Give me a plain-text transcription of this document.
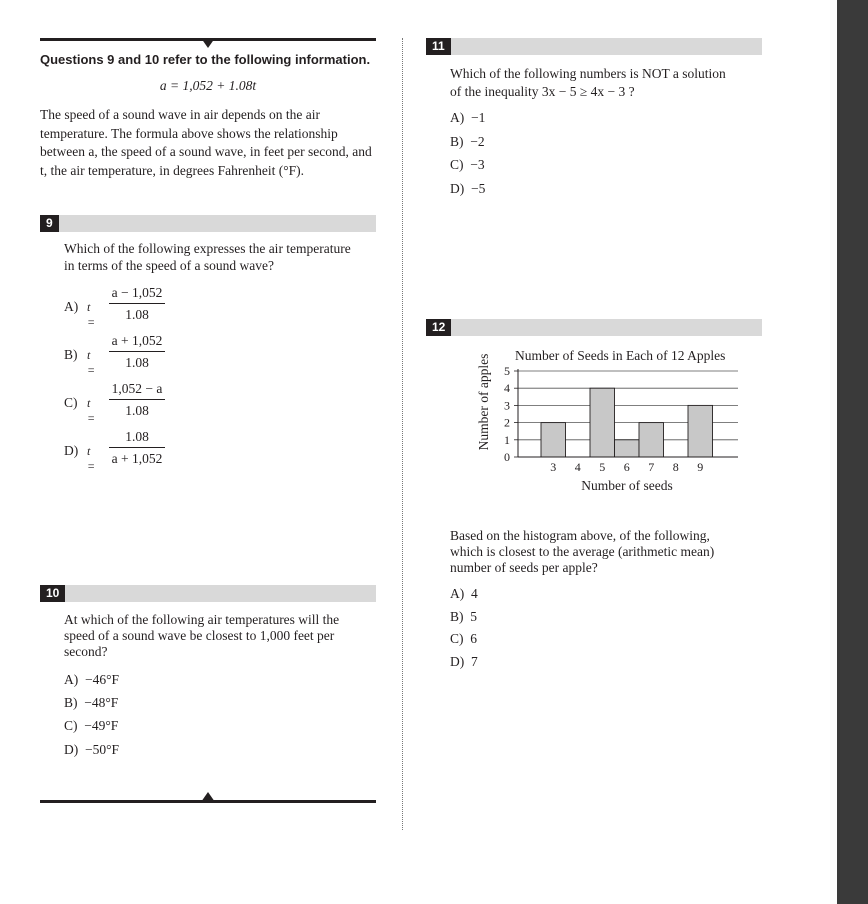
Questions 9 and 10 refer to the following information.
a = 1,052 + 1.08t
The speed of a sound wave in air depends on the air temperature. The formula above shows the relationship between a, the speed of a sound wave, in feet per second, and t, the air temperature, in degrees Fahrenheit (°F).
9
Which of the following expresses the air temperature
in terms of the speed of a sound wave?
A) t =
a − 1,052
1.08
B) t =
a + 1,052
1.08
C) t =
1,052 − a
1.08
D) t =
1.08
a + 1,052
10
At which of the following air temperatures will the
speed of a sound wave be closest to 1,000 feet per
second?
A) −46°F
B) −48°F
C) −49°F
D) −50°F
11
Which of the following numbers is NOT a solution
of the inequality 3x − 5 ≥ 4x − 3 ?
A) −1
B) −2
C) −3
D) −5
12
Number of Seeds in Each of 12 Apples
0
1
2
3
4
5
3 4 5 6 7 8 9
Number of seeds
Number of apples
Based on the histogram above, of the following,
which is closest to the average (arithmetic mean)
number of seeds per apple?
A) 4
B) 5
C) 6
D) 7
